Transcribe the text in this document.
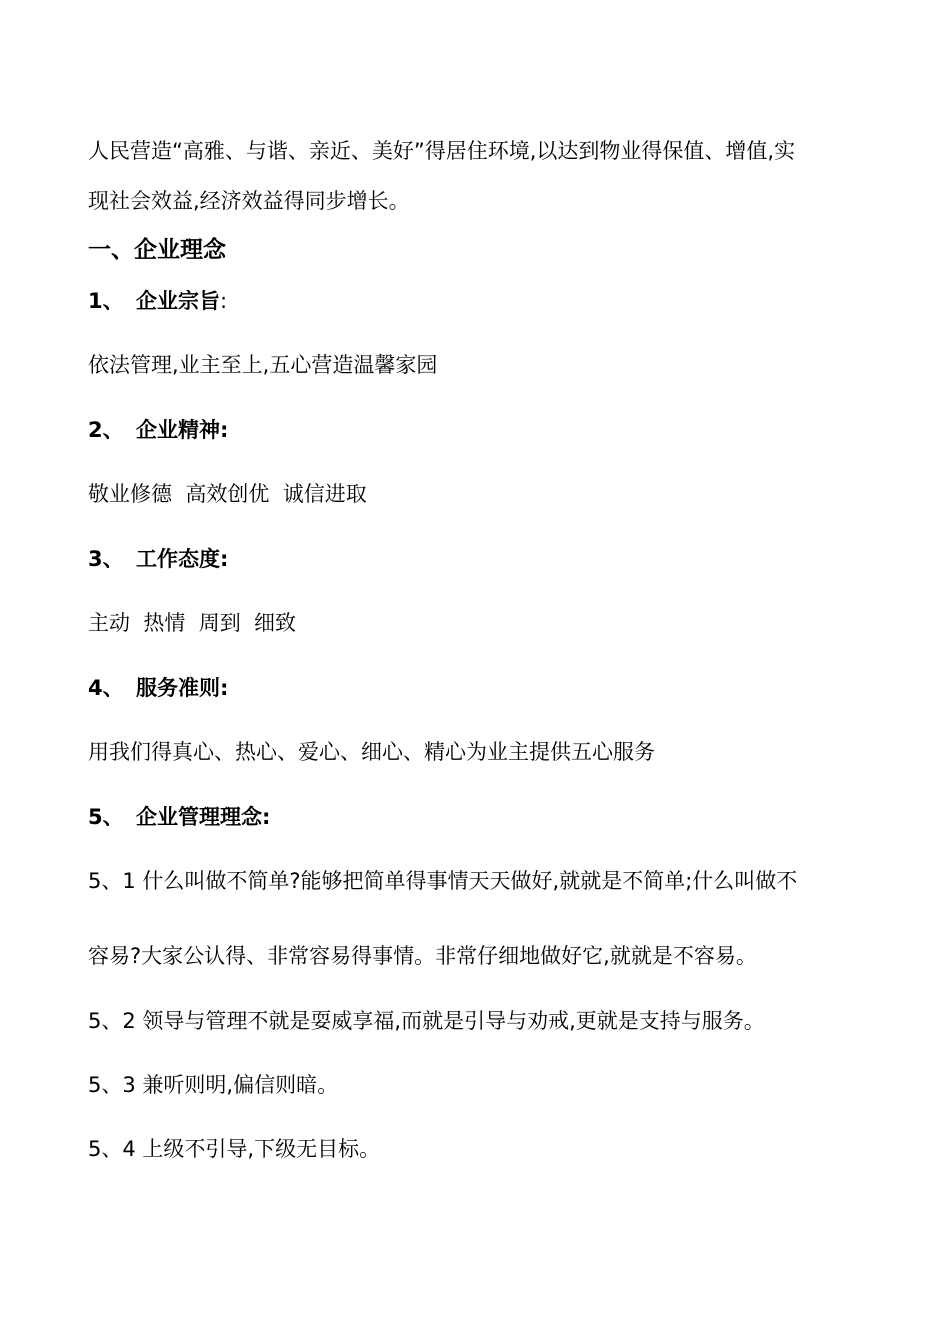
人民营造“高雅、与谐、亲近、美好”得居住环境,以达到物业得保值、增值,实
现社会效益,经济效益得同步增长。
一、企业理念
1、 企业宗旨:
依法管理,业主至上,五心营造温馨家园
2、 企业精神:
敬业修德  高效创优  诚信进取
3、 工作态度:
主动  热情  周到  细致
4、 服务准则:
用我们得真心、热心、爱心、细心、精心为业主提供五心服务
5、 企业管理理念:
5、1 什么叫做不简单?能够把简单得事情天天做好,就就是不简单;什么叫做不
容易?大家公认得、非常容易得事情。非常仔细地做好它,就就是不容易。
5、2 领导与管理不就是耍威享福,而就是引导与劝戒,更就是支持与服务。
5、3 兼听则明,偏信则暗。
5、4 上级不引导,下级无目标。
